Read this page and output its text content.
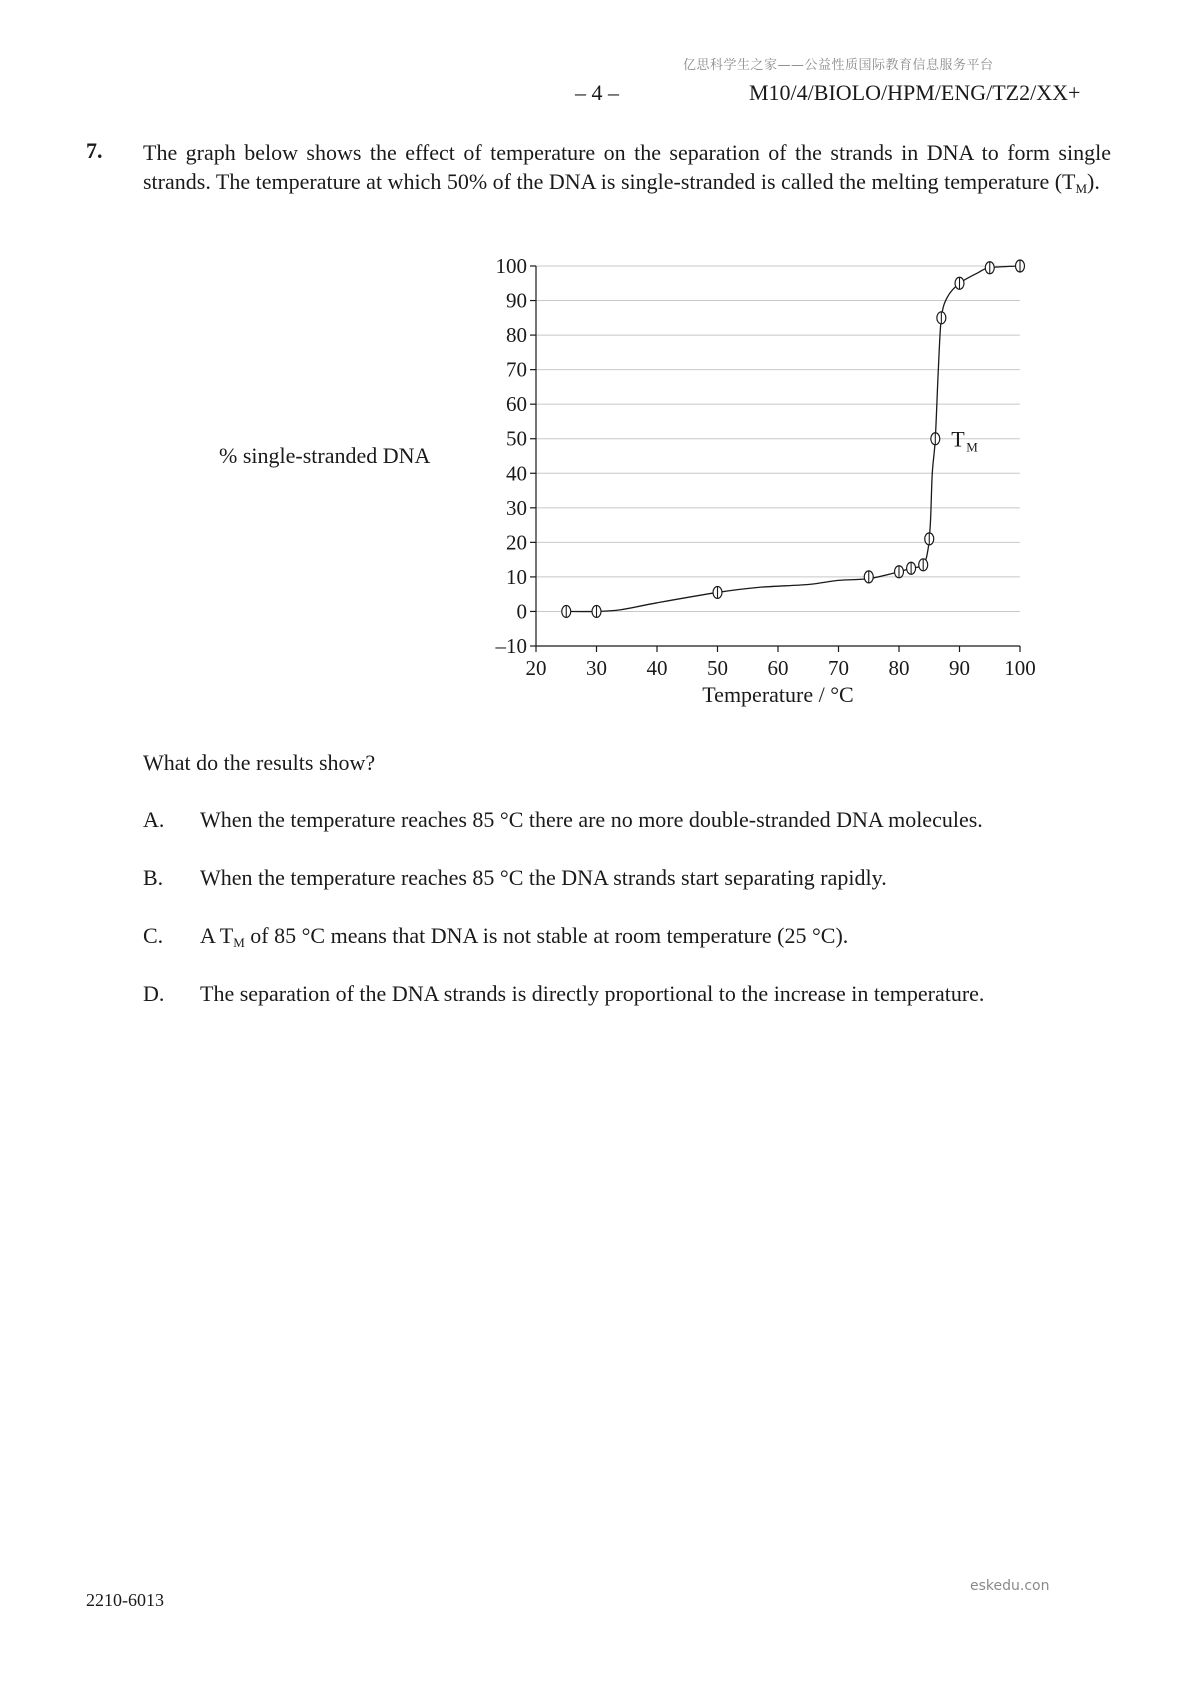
亿思科学生之家——公益性质国际教育信息服务平台
– 4 –	M10/4/BIOLO/HPM/ENG/TZ2/XX+
7. The graph below shows the effect of temperature on the separation of the strands in DNA to form single strands. The temperature at which 50% of the DNA is single-stranded is called the melting temperature $(T_M)$.
% single-stranded DNA
–10
0
10
20
30
40
50
60
70
80
90
100
20 30 40 50 60 70 80 90 100
T M
Temperature / °C
What do the results show?
A. When the temperature reaches 85 °C there are no more double-stranded DNA molecules.
B. When the temperature reaches 85 °C the DNA strands start separating rapidly.
C. A $T_M$ of 85 °C means that DNA is not stable at room temperature (25 °C).
D. The separation of the DNA strands is directly proportional to the increase in temperature.
2210-6013
eskedu.con
